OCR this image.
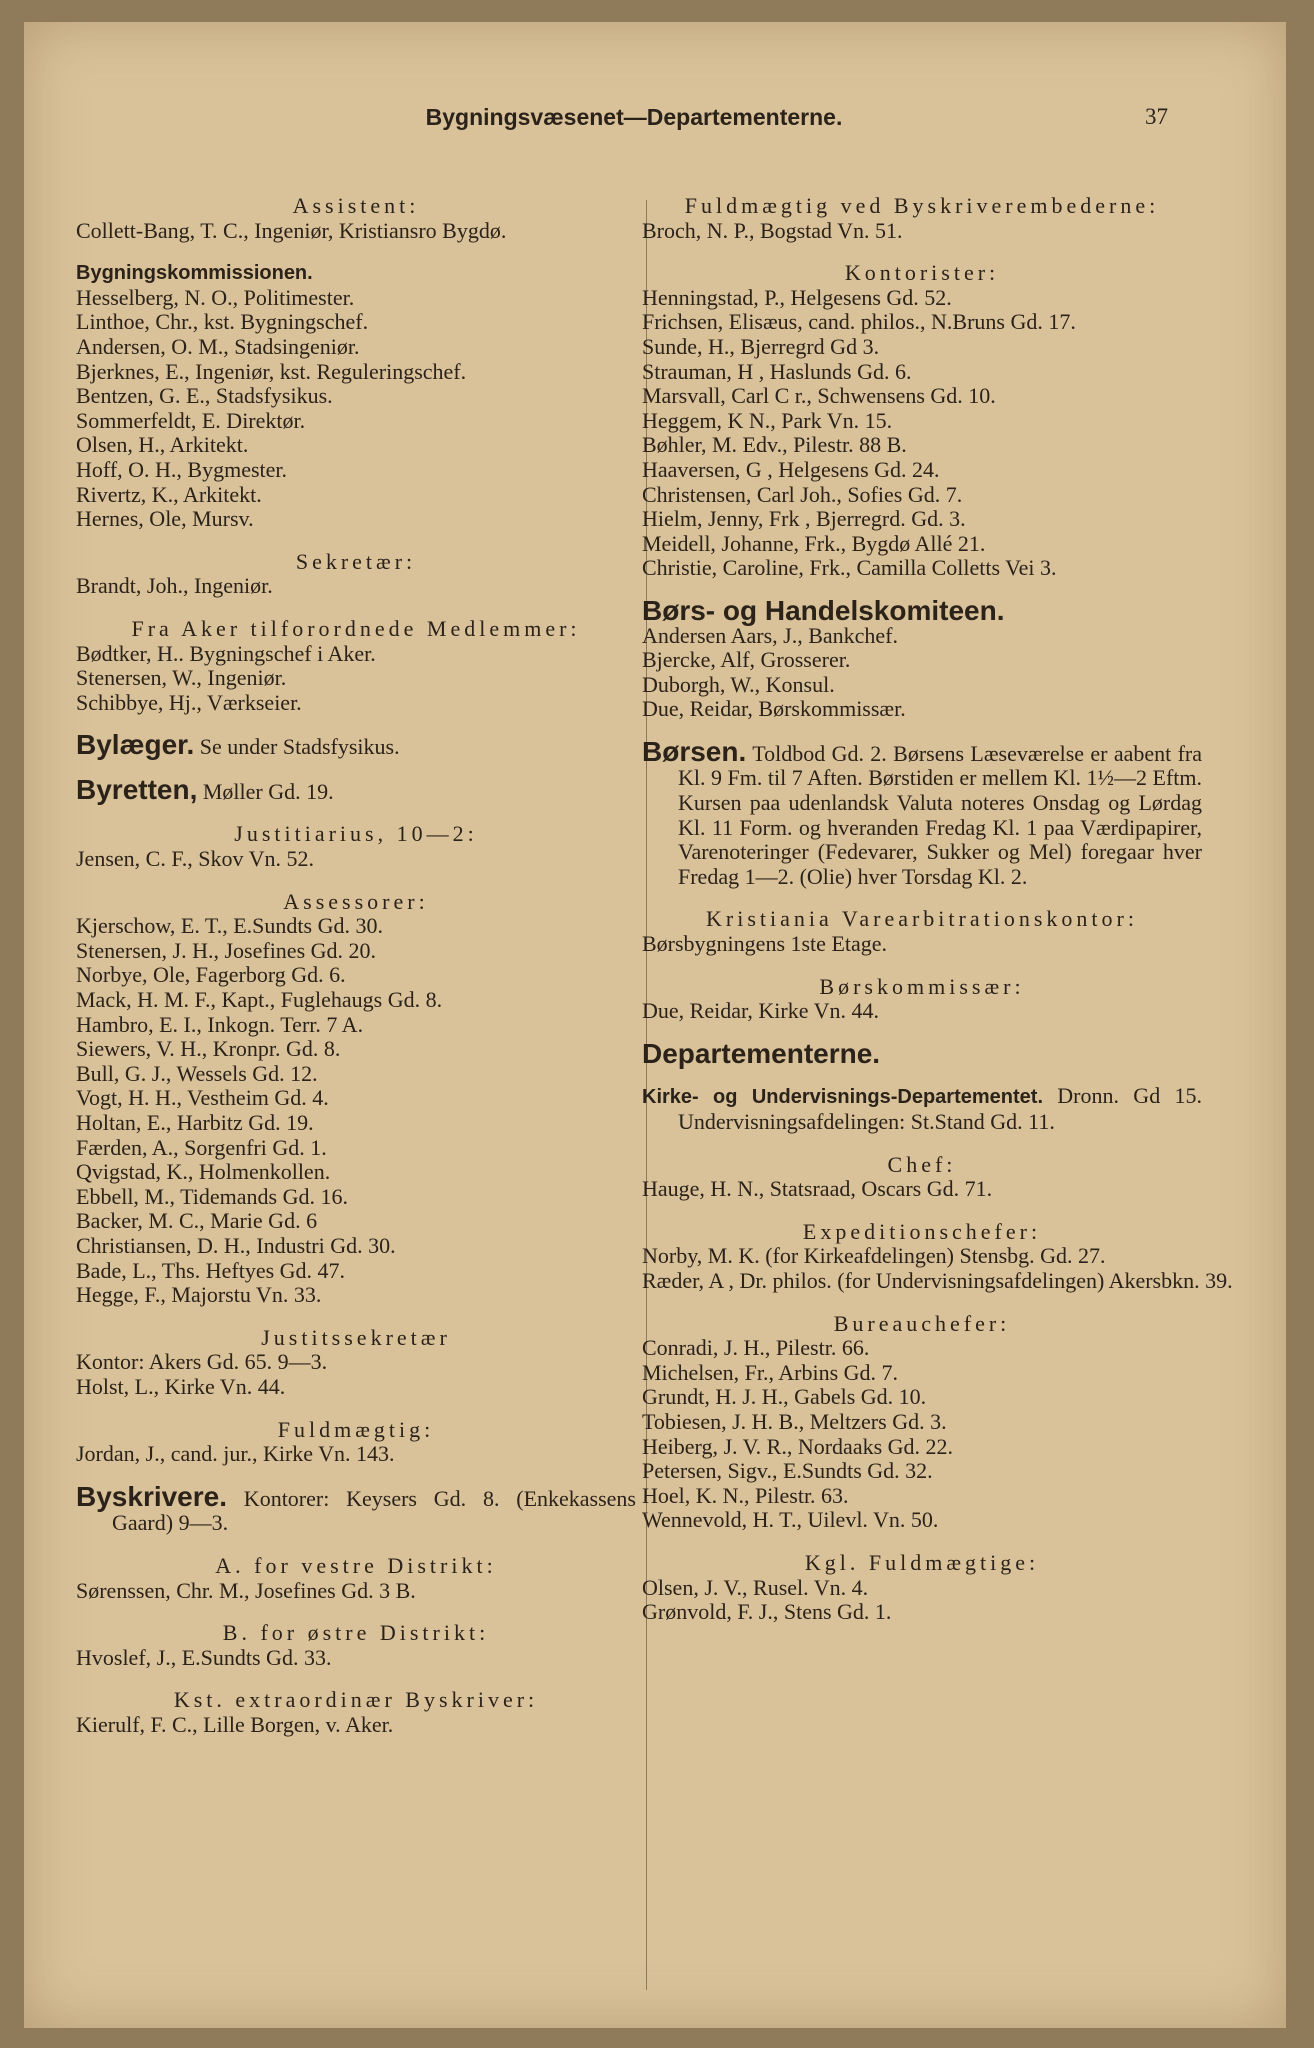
Bygningsvæsenet—Departementerne.	37
Assistent:
Collett-Bang, T. C., Ingeniør, Kristiansro Bygdø.
Bygningskommissionen.
Hesselberg, N. O., Politimester.
Linthoe, Chr., kst. Bygningschef.
Andersen, O. M., Stadsingeniør.
Bjerknes, E., Ingeniør, kst. Reguleringschef.
Bentzen, G. E., Stadsfysikus.
Sommerfeldt, E. Direktør.
Olsen, H., Arkitekt.
Hoff, O. H., Bygmester.
Rivertz, K., Arkitekt.
Hernes, Ole, Mursv.
Sekretær:
Brandt, Joh., Ingeniør.
Fra Aker tilforordnede Medlemmer:
Bødtker, H.. Bygningschef i Aker.
Stenersen, W., Ingeniør.
Schibbye, Hj., Værkseier.
Bylæger. Se under Stadsfysikus.
Byretten, Møller Gd. 19.
Justitiarius, 10—2:
Jensen, C. F., Skov Vn. 52.
Assessorer:
Kjerschow, E. T., E.Sundts Gd. 30.
Stenersen, J. H., Josefines Gd. 20.
Norbye, Ole, Fagerborg Gd. 6.
Mack, H. M. F., Kapt., Fuglehaugs Gd. 8.
Hambro, E. I., Inkogn. Terr. 7 A.
Siewers, V. H., Kronpr. Gd. 8.
Bull, G. J., Wessels Gd. 12.
Vogt, H. H., Vestheim Gd. 4.
Holtan, E., Harbitz Gd. 19.
Færden, A., Sorgenfri Gd. 1.
Qvigstad, K., Holmenkollen.
Ebbell, M., Tidemands Gd. 16.
Backer, M. C., Marie Gd. 6
Christiansen, D. H., Industri Gd. 30.
Bade, L., Ths. Heftyes Gd. 47.
Hegge, F., Majorstu Vn. 33.
Justitssekretær
Kontor: Akers Gd. 65. 9—3.
Holst, L., Kirke Vn. 44.
Fuldmægtig:
Jordan, J., cand. jur., Kirke Vn. 143.
Byskrivere. Kontorer: Keysers Gd. 8. (Enkekassens Gaard) 9—3.
A. for vestre Distrikt:
Sørenssen, Chr. M., Josefines Gd. 3 B.
B. for østre Distrikt:
Hvoslef, J., E.Sundts Gd. 33.
Kst. extraordinær Byskriver:
Kierulf, F. C., Lille Borgen, v. Aker.
Fuldmægtig ved Byskriverembederne:
Broch, N. P., Bogstad Vn. 51.
Kontorister:
Henningstad, P., Helgesens Gd. 52.
Frichsen, Elisæus, cand. philos., N.Bruns Gd. 17.
Sunde, H., Bjerregrd Gd 3.
Strauman, H , Haslunds Gd. 6.
Marsvall, Carl C r., Schwensens Gd. 10.
Heggem, K N., Park Vn. 15.
Bøhler, M. Edv., Pilestr. 88 B.
Haaversen, G , Helgesens Gd. 24.
Christensen, Carl Joh., Sofies Gd. 7.
Hielm, Jenny, Frk , Bjerregrd. Gd. 3.
Meidell, Johanne, Frk., Bygdø Allé 21.
Christie, Caroline, Frk., Camilla Colletts Vei 3.
Børs- og Handelskomiteen.
Andersen Aars, J., Bankchef.
Bjercke, Alf, Grosserer.
Duborgh, W., Konsul.
Due, Reidar, Børskommissær.
Børsen. Toldbod Gd. 2. Børsens Læseværelse er aabent fra Kl. 9 Fm. til 7 Aften. Børstiden er mellem Kl. 1½—2 Eftm. Kursen paa udenlandsk Valuta noteres Onsdag og Lørdag Kl. 11 Form. og hveranden Fredag Kl. 1 paa Værdipapirer, Varenoteringer (Fedevarer, Sukker og Mel) foregaar hver Fredag 1—2. (Olie) hver Torsdag Kl. 2.
Kristiania Varearbitrationskontor:
Børsbygningens 1ste Etage.
Børskommissær:
Due, Reidar, Kirke Vn. 44.
Departementerne.
Kirke- og Undervisnings-Departementet. Dronn. Gd 15. Undervisningsafdelingen: St.Stand Gd. 11.
Chef:
Hauge, H. N., Statsraad, Oscars Gd. 71.
Expeditionschefer:
Norby, M. K. (for Kirkeafdelingen) Stensbg. Gd. 27.
Ræder, A , Dr. philos. (for Undervisningsafdelingen) Akersbkn. 39.
Bureauchefer:
Conradi, J. H., Pilestr. 66.
Michelsen, Fr., Arbins Gd. 7.
Grundt, H. J. H., Gabels Gd. 10.
Tobiesen, J. H. B., Meltzers Gd. 3.
Heiberg, J. V. R., Nordaaks Gd. 22.
Petersen, Sigv., E.Sundts Gd. 32.
Hoel, K. N., Pilestr. 63.
Wennevold, H. T., Uilevl. Vn. 50.
Kgl. Fuldmægtige:
Olsen, J. V., Rusel. Vn. 4.
Grønvold, F. J., Stens Gd. 1.
